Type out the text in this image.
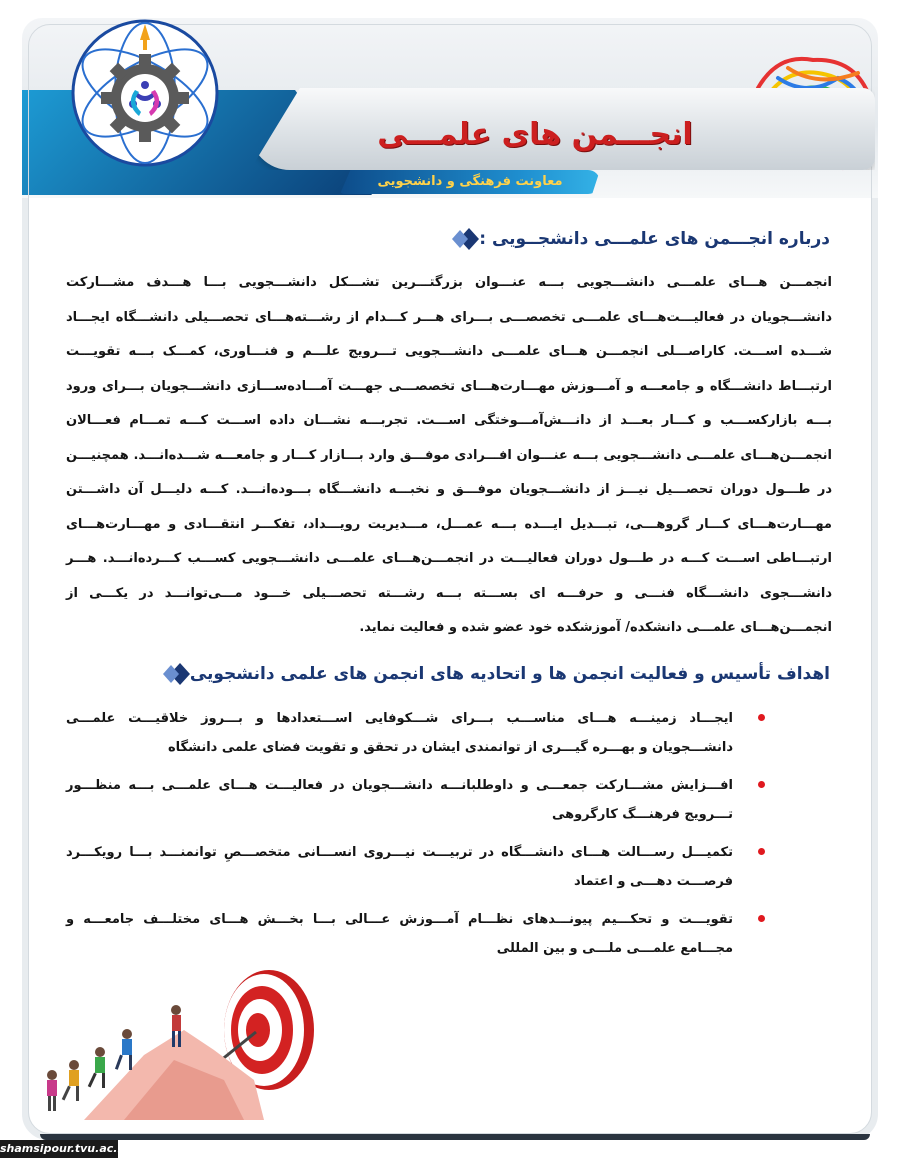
انجـــمن های علمـــی
معاونت فرهنگی و دانشجویی
درباره انجـــمن های علمـــی دانشجــویی :
انجمـــن هـــای علمـــی دانشـــجویی بـــه عنـــوان بزرگتـــرین تشـــکل دانشـــجویی بـــا هـــدف مشـــارکت دانشـــجویان در فعالیـــت‌هـــای علمـــی تخصصـــی بـــرای هـــر کـــدام از رشـــته‌هـــای تحصـــیلی دانشـــگاه ایجـــاد شـــده اســـت. کاراصـــلی انجمـــن هـــای علمـــی دانشـــجویی تـــرویج علـــم و فنـــاوری، کمـــک بـــه تقویـــت ارتبـــاط دانشـــگاه و جامعـــه و آمـــوزش مهـــارت‌هـــای تخصصـــی جهـــت آمـــاده‌ســـازی دانشـــجویان بـــرای ورود بـــه بازارکســـب و کـــار بعـــد از دانـــش‌آمـــوختگی اســـت. تجربـــه نشـــان داده اســـت کـــه تمـــام فعـــالان انجمـــن‌هـــای علمـــی دانشـــجویی بـــه عنـــوان افـــرادی موفـــق وارد بـــازار کـــار و جامعـــه شـــده‌انـــد. همچنیـــن در طـــول دوران تحصـــیل نیـــز از دانشـــجویان موفـــق و نخبـــه دانشـــگاه بـــوده‌انـــد. کـــه دلیـــل آن داشـــتن مهـــارت‌هـــای کـــار گروهـــی، تبـــدیل ایـــده بـــه عمـــل، مـــدیریت رویـــداد، تفکـــر انتقـــادی و مهـــارت‌هـــای ارتبـــاطی اســـت کـــه در طـــول دوران فعالیـــت در انجمـــن‌هـــای علمـــی دانشـــجویی کســـب کـــرده‌انـــد. هـــر دانشـــجوی دانشـــگاه فنـــی و حرفـــه ای بســـته بـــه رشـــته تحصـــیلی خـــود مـــی‌توانـــد در یکـــی از انجمـــن‌هـــای علمـــی دانشکده/ آموزشکده خود عضو شده و فعالیت نماید.
اهداف تأسیس و فعالیت انجمن ها و اتحادیه های انجمن های علمی دانشجویی
ایجـــاد زمینـــه هـــای مناســـب بـــرای شـــکوفایی اســـتعدادها و بـــروز خلاقیـــت علمـــی دانشـــجویان و بهـــره گیـــری از توانمندی ایشان در تحقق و تقویت فضای علمی دانشگاه
افـــزایش مشـــارکت جمعـــی و داوطلبانـــه دانشـــجویان در فعالیـــت هـــای علمـــی بـــه منظـــور تـــرویج فرهنـــگ کارگروهی
تکمیـــل رســـالت هـــای دانشـــگاه در تربیـــت نیـــروی انســـانی متخصـــصِ توانمنـــد بـــا رویکـــرد فرصـــت دهـــی و اعتماد
تقویـــت و تحکـــیم پیونـــدهای نظـــام آمـــوزش عـــالی بـــا بخـــش هـــای مختلـــف جامعـــه و مجـــامع علمـــی ملـــی و بین المللی
shamsipour.tvu.ac.ir
